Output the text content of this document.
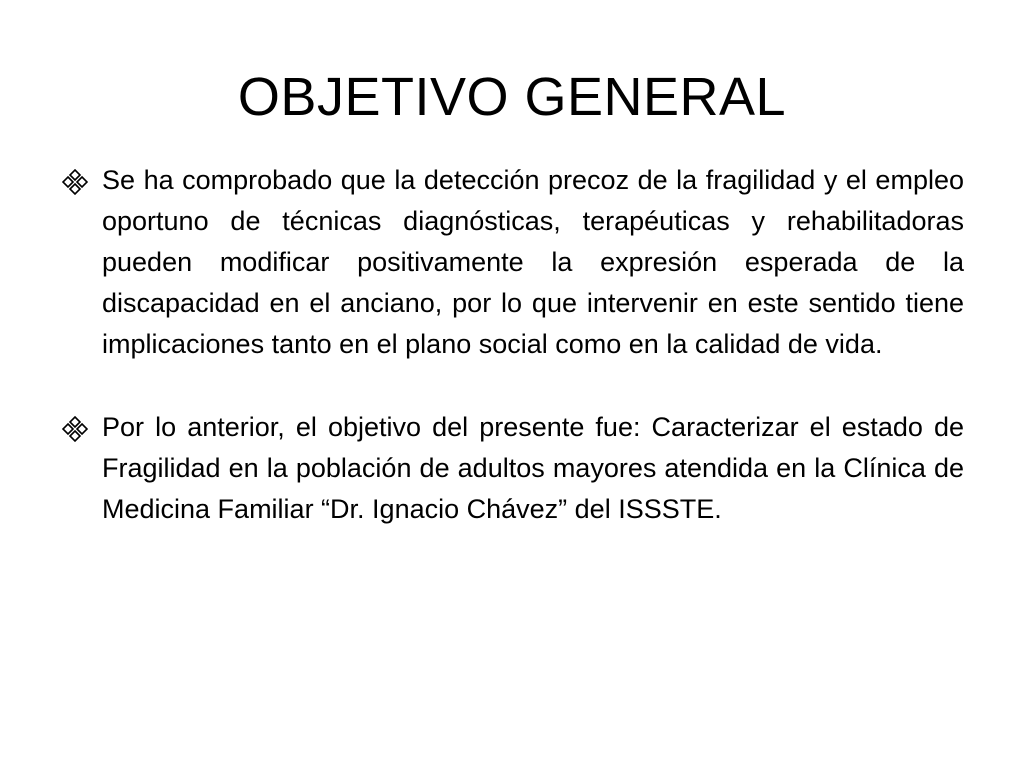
OBJETIVO GENERAL
Se ha comprobado que la detección precoz de la fragilidad y el empleo oportuno de técnicas diagnósticas, terapéuticas y rehabilitadoras pueden modificar positivamente la expresión esperada de la discapacidad en el anciano, por lo que intervenir en este sentido tiene implicaciones tanto en el plano social como en la calidad de vida.
Por lo anterior, el objetivo del presente fue: Caracterizar el estado de Fragilidad en la población de adultos mayores atendida en la Clínica de Medicina Familiar “Dr. Ignacio Chávez” del ISSSTE.
